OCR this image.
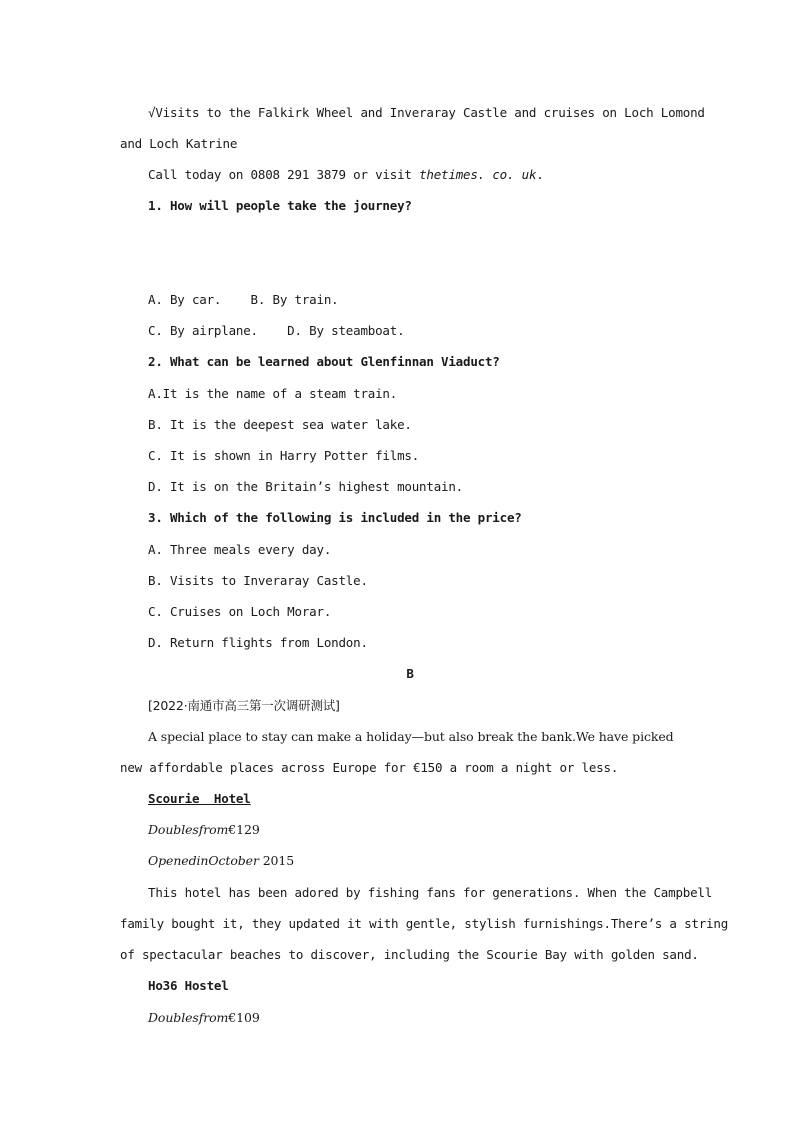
√Visits to the Falkirk Wheel and Inveraray Castle and cruises on Loch Lomond
and Loch Katrine
Call today on 0808 291 3879 or visit thetimes. co. uk.
1. How will people take the journey?
A. By car.    B. By train.
C. By airplane.    D. By steamboat.
2. What can be learned about Glenfinnan Viaduct?
A.It is the name of a steam train.
B. It is the deepest sea water lake.
C. It is shown in Harry Potter films.
D. It is on the Britain’s highest mountain.
3. Which of the following is included in the price?
A. Three meals every day.
B. Visits to Inveraray Castle.
C. Cruises on Loch Morar.
D. Return flights from London.
B
[2022·南通市高三第一次调研测试]
A special place to stay can make a holiday—but also break the bank.We have picked
new affordable places across Europe for €150 a room a night or less.
Scourie  Hotel
Doublesfrom€129
OpenedinOctober 2015
This hotel has been adored by fishing fans for generations. When the Campbell
family bought it, they updated it with gentle, stylish furnishings.There’s a string
of spectacular beaches to discover, including the Scourie Bay with golden sand.
Ho36 Hostel
Doublesfrom€109
